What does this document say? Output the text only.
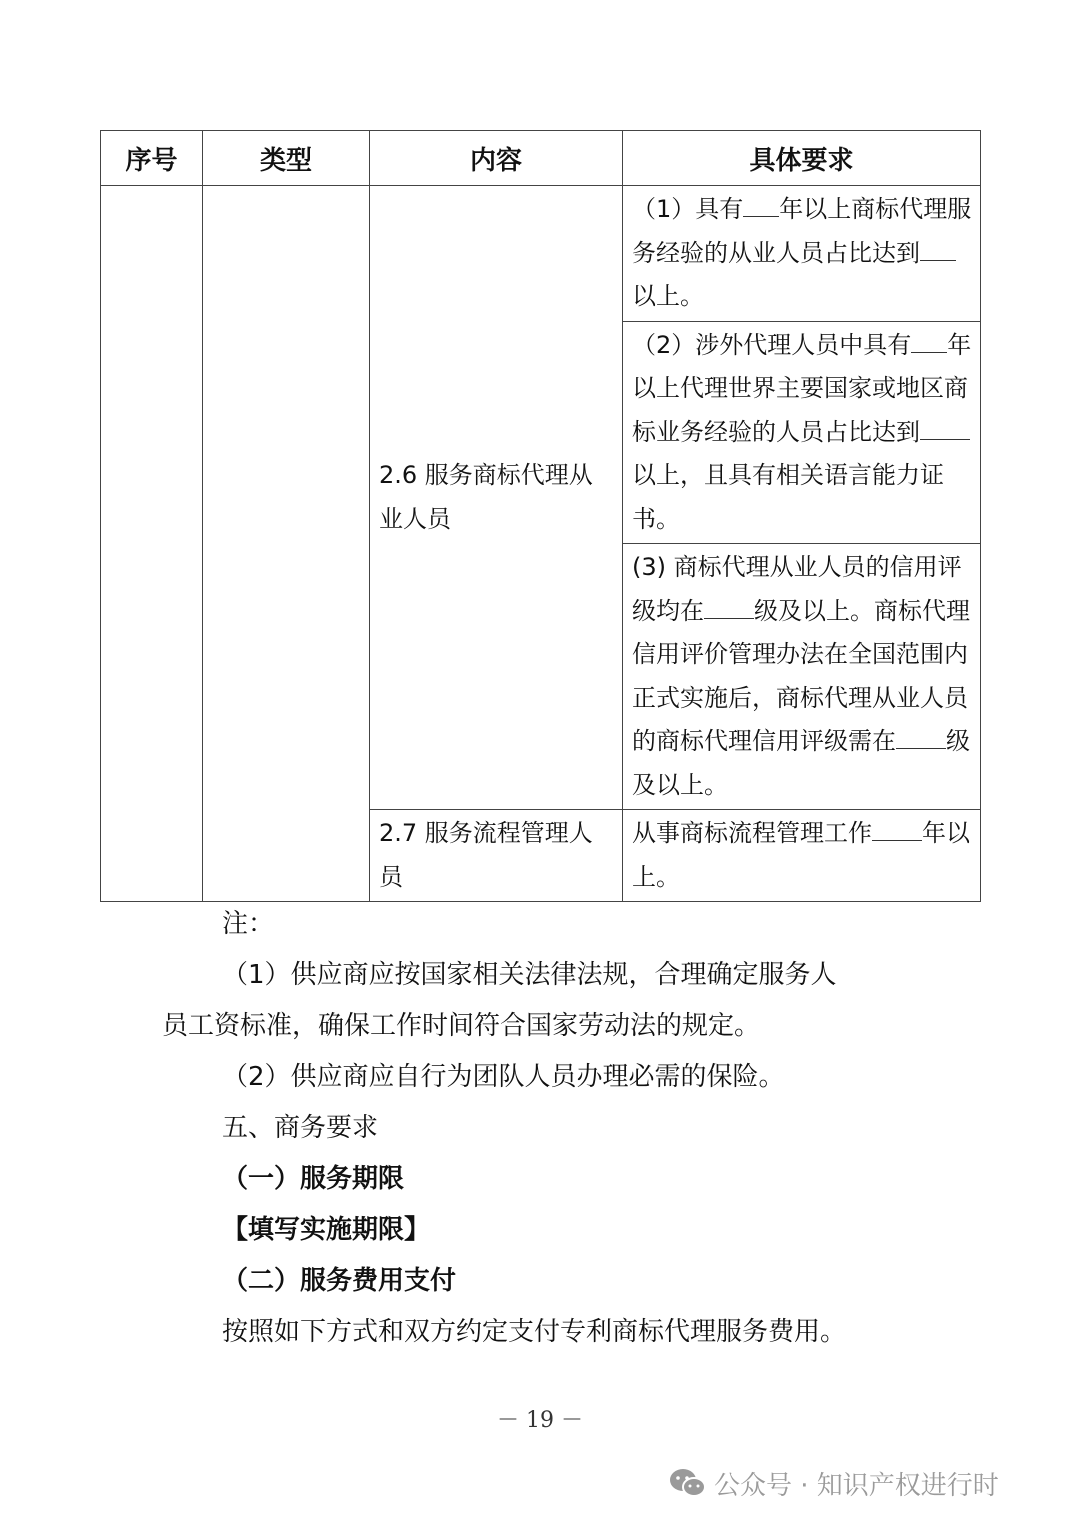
序号	类型	内容	具体要求
		2.6 服务商标代理从业人员	（1）具有 年以上商标代理服务经验的从业人员占比达到以上。
			（2）涉外代理人员中具有 年以上代理世界主要国家或地区商标业务经验的人员占比达到以上，且具有相关语言能力证书。
			(3) 商标代理从业人员的信用评级均在 级及以上。商标代理信用评价管理办法在全国范围内正式实施后，商标代理从业人员的商标代理信用评级需在 级及以上。
		2.7 服务流程管理人员	从事商标流程管理工作 年以上。
注：
（1）供应商应按国家相关法律法规，合理确定服务人
员工资标准，确保工作时间符合国家劳动法的规定。
（2）供应商应自行为团队人员办理必需的保险。
五、商务要求
（一）服务期限
【填写实施期限】
（二）服务费用支付
按照如下方式和双方约定支付专利商标代理服务费用。
－ 19 －
公众号 · 知识产权进行时
